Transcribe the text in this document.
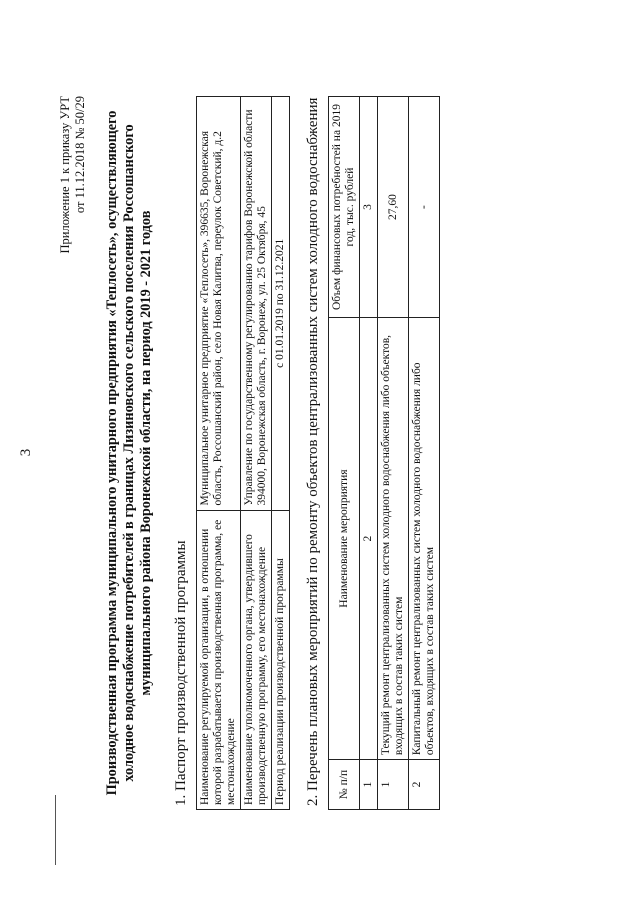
3
Приложение 1 к приказу УРТ от 11.12.2018 № 50/29 Производственная программа муниципального унитарного предприятия «Теплосеть», осуществляющего холодное водоснабжение потребителей в границах Лизиновского сельского поселения Россошанского муниципального района Воронежской области, на период 2019 - 2021 годов 1. Паспорт производственной программы Наименование регулируемой организации, в отношении которой разрабатывается производственная программа, ее местонахождение	Муниципальное унитарное предприятие «Теплосеть», 396635, Воронежская область, Россошанский район, село Новая Калитва, переулок Советский, д.2
Наименование уполномоченного органа, утвердившего производственную программу, его местонахождение	Управление по государственному регулированию тарифов Воронежской области 394000, Воронежская область, г. Воронеж, ул. 25 Октября, 45
Период реализации производственной программы	с 01.01.2019 по 31.12.2021 2. Перечень плановых мероприятий по ремонту объектов централизованных систем холодного водоснабжения № п/п	Наименование мероприятия	Объем финансовых потребностей на 2019 год, тыс. рублей
1	2	3
1	Текущий ремонт централизованных систем холодного водоснабжения либо объектов, входящих в состав таких систем	27,60
2	Капитальный ремонт централизованных систем холодного водоснабжения либо объектов, входящих в состав таких систем	-
